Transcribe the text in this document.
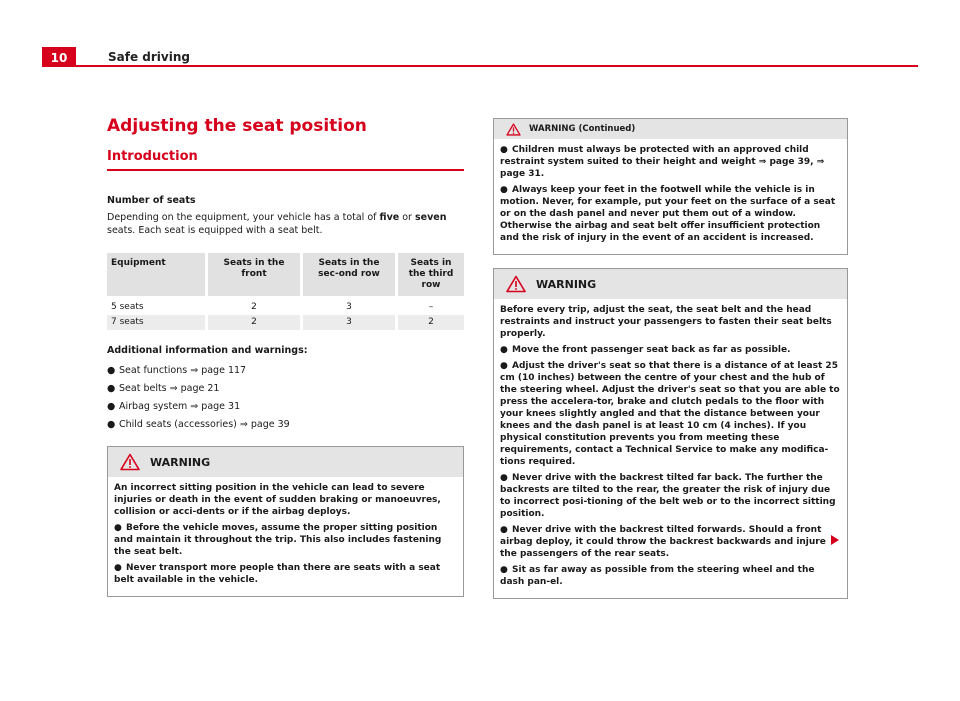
10	Safe driving
Adjusting the seat position
Introduction
Number of seats

Depending on the equipment, your vehicle has a total of five or seven seats. Each seat is equipped with a seat belt.

Equipment	Seats in the front	Seats in the sec-ond row	Seats in the third row

5 seats	2	3	–
7 seats	2	3	2
Additional information and warnings:
● Seat functions ⇒ page 117
● Seat belts ⇒ page 21
● Airbag system ⇒ page 31
● Child seats (accessories) ⇒ page 39
WARNING

An incorrect sitting position in the vehicle can lead to severe injuries or death in the event of sudden braking or manoeuvres, collision or acci-dents or if the airbag deploys.

● Before the vehicle moves, assume the proper sitting position and maintain it throughout the trip. This also includes fastening the seat belt.

● Never transport more people than there are seats with a seat belt available in the vehicle.

WARNING (Continued)

● Children must always be protected with an approved child restraint system suited to their height and weight ⇒ page 39, ⇒ page 31.

● Always keep your feet in the footwell while the vehicle is in motion. Never, for example, put your feet on the surface of a seat or on the dash panel and never put them out of a window. Otherwise the airbag and seat belt offer insufficient protection and the risk of injury in the event of an accident is increased.

WARNING

Before every trip, adjust the seat, the seat belt and the head restraints and instruct your passengers to fasten their seat belts properly.

● Move the front passenger seat back as far as possible.

● Adjust the driver's seat so that there is a distance of at least 25 cm (10 inches) between the centre of your chest and the hub of the steering wheel. Adjust the driver's seat so that you are able to press the accelera-tor, brake and clutch pedals to the floor with your knees slightly angled and that the distance between your knees and the dash panel is at least 10 cm (4 inches). If you physical constitution prevents you from meeting these requirements, contact a Technical Service to make any modifica-tions required.

● Never drive with the backrest tilted far back. The further the backrests are tilted to the rear, the greater the risk of injury due to incorrect posi-tioning of the belt web or to the incorrect sitting position.

● Never drive with the backrest tilted forwards. Should a front airbag deploy, it could throw the backrest backwards and injure the passengers of the rear seats.

● Sit as far away as possible from the steering wheel and the dash pan-el.
